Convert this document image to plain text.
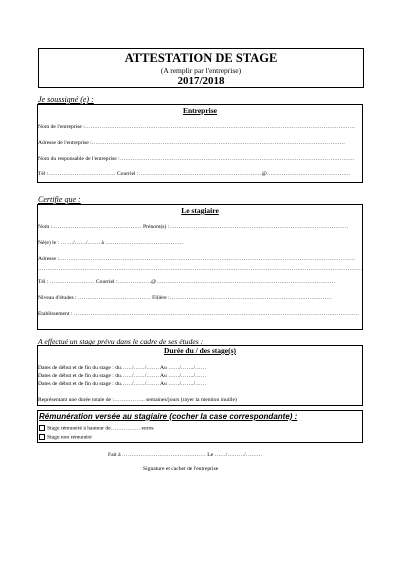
ATTESTATION DE STAGE
(A remplir par l'entreprise)
2017/2018
Je soussigné (e) :
Entreprise
Nom de l'entreprise :……………………………………………………………………………………………………………………………….
Adresse de l'entreprise :……………………………………………………………………………………………………………………….
Nom du responsable de l'entreprise :………………………………………………………………………………………………………………
Tél :……………………………… Courriel :…………………………………………………………@………………………………………
Certifie que :
Le stagiaire
Nom :………………………………………… Prénom(s) :……………………………………………………………………………………
Né(e) le : … …/……/……. à ……………………………………
Adresse :……………………………………………………………………………………………………………………………………………
…………………………………………………………………………………………………………………………………………………………
Tél : …………………… Courriel :………………@……………………………………………………………………………………
Niveau d'études : ………………………………… Filière :……………………………………………………………………………
Établissement : ………………………………………………………………………………………………………………………………………
A effectué un stage prévu dans le cadre de ses études :
Durée du / des stage(s)
Dates de début et de fin du stage : du……/……/……. Au ……/……./……
Dates de début et de fin du stage : du……/……/……. Au ……/……./……
Dates de début et de fin du stage : du……/……/……. Au ……/……./……
Représentant une durée totale de :…………….. semaines/jours (rayer la mention inutile)
Rémunération versée au stagiaire (cocher la case correspondante) :
Stage rémunéré à hauteur de……………. euros
Stage non rémunéré
Fait à ……………………………………… Le ……/………/………
Signature et cachet de l'entreprise
